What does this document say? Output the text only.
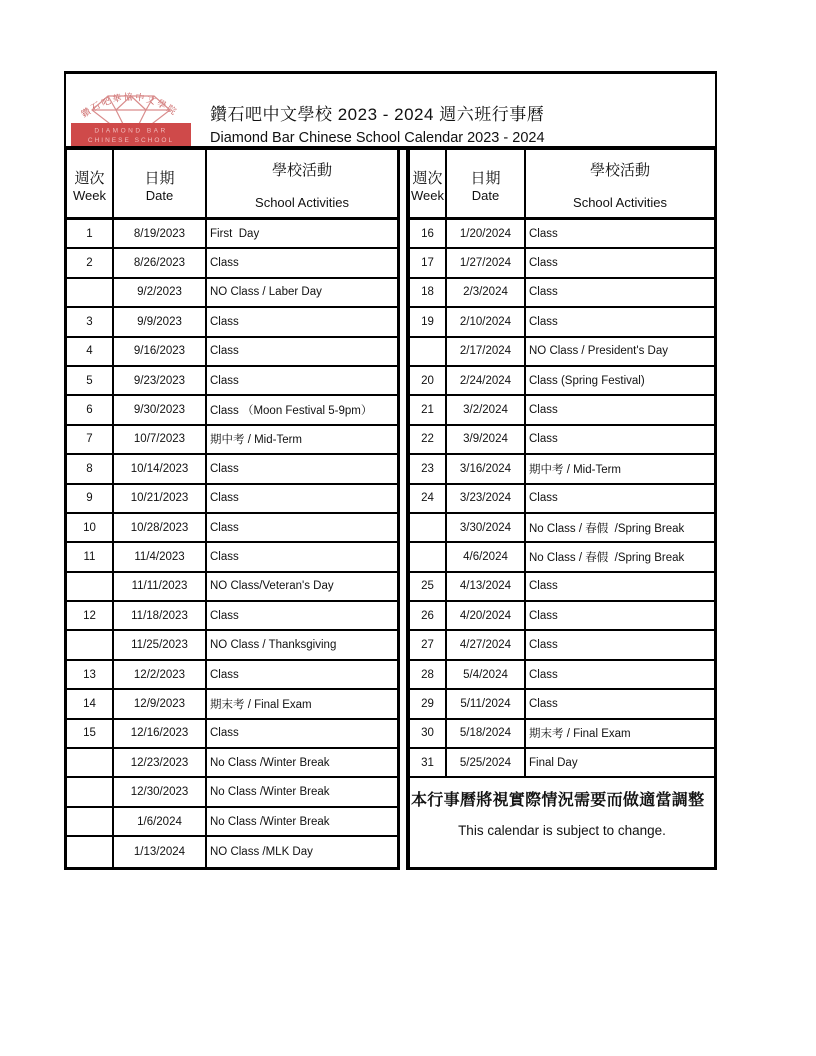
鑽石吧華協中文學院
DIAMOND BAR
CHINESE SCHOOL
鑽石吧中文學校 2023 - 2024 週六班行事曆
Diamond Bar Chinese School Calendar 2023 - 2024
週次
Week
日期
Date
學校活動
School Activities
1	8/19/2023	First  Day
2	8/26/2023	Class
9/2/2023	NO Class / Laber Day
3	9/9/2023	Class
4	9/16/2023	Class
5	9/23/2023	Class
6	9/30/2023	Class （Moon Festival 5-9pm）
7	10/7/2023	期中考 / Mid-Term
8	10/14/2023	Class
9	10/21/2023	Class
10	10/28/2023	Class
11	11/4/2023	Class
11/11/2023	NO Class/Veteran's Day
12	11/18/2023	Class
11/25/2023	NO Class / Thanksgiving
13	12/2/2023	Class
14	12/9/2023	期末考 / Final Exam
15	12/16/2023	Class
12/23/2023	No Class /Winter Break
12/30/2023	No Class /Winter Break
1/6/2024	No Class /Winter Break
1/13/2024	NO Class /MLK Day
週次
Week
日期
Date
學校活動
School Activities
16	1/20/2024	Class
17	1/27/2024	Class
18	2/3/2024	Class
19	2/10/2024	Class
2/17/2024	NO Class / President's Day
20	2/24/2024	Class (Spring Festival)
21	3/2/2024	Class
22	3/9/2024	Class
23	3/16/2024	期中考 / Mid-Term
24	3/23/2024	Class
3/30/2024	No Class / 春假  /Spring Break
4/6/2024	No Class / 春假  /Spring Break
25	4/13/2024	Class
26	4/20/2024	Class
27	4/27/2024	Class
28	5/4/2024	Class
29	5/11/2024	Class
30	5/18/2024	期末考 / Final Exam
31	5/25/2024	Final Day
本行事曆將視實際情況需要而做適當調整
This calendar is subject to change.
